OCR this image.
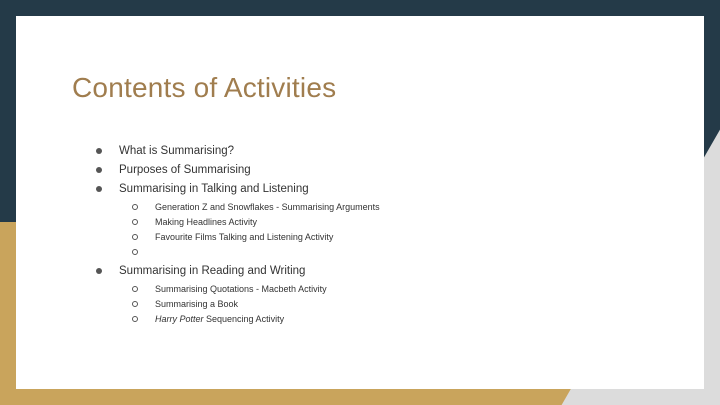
Contents of Activities
What is Summarising?
Purposes of Summarising
Summarising in Talking and Listening
Generation Z and Snowflakes - Summarising Arguments
Making Headlines Activity
Favourite Films Talking and Listening Activity
Summarising in Reading and Writing
Summarising Quotations - Macbeth Activity
Summarising a Book
Harry Potter Sequencing Activity
